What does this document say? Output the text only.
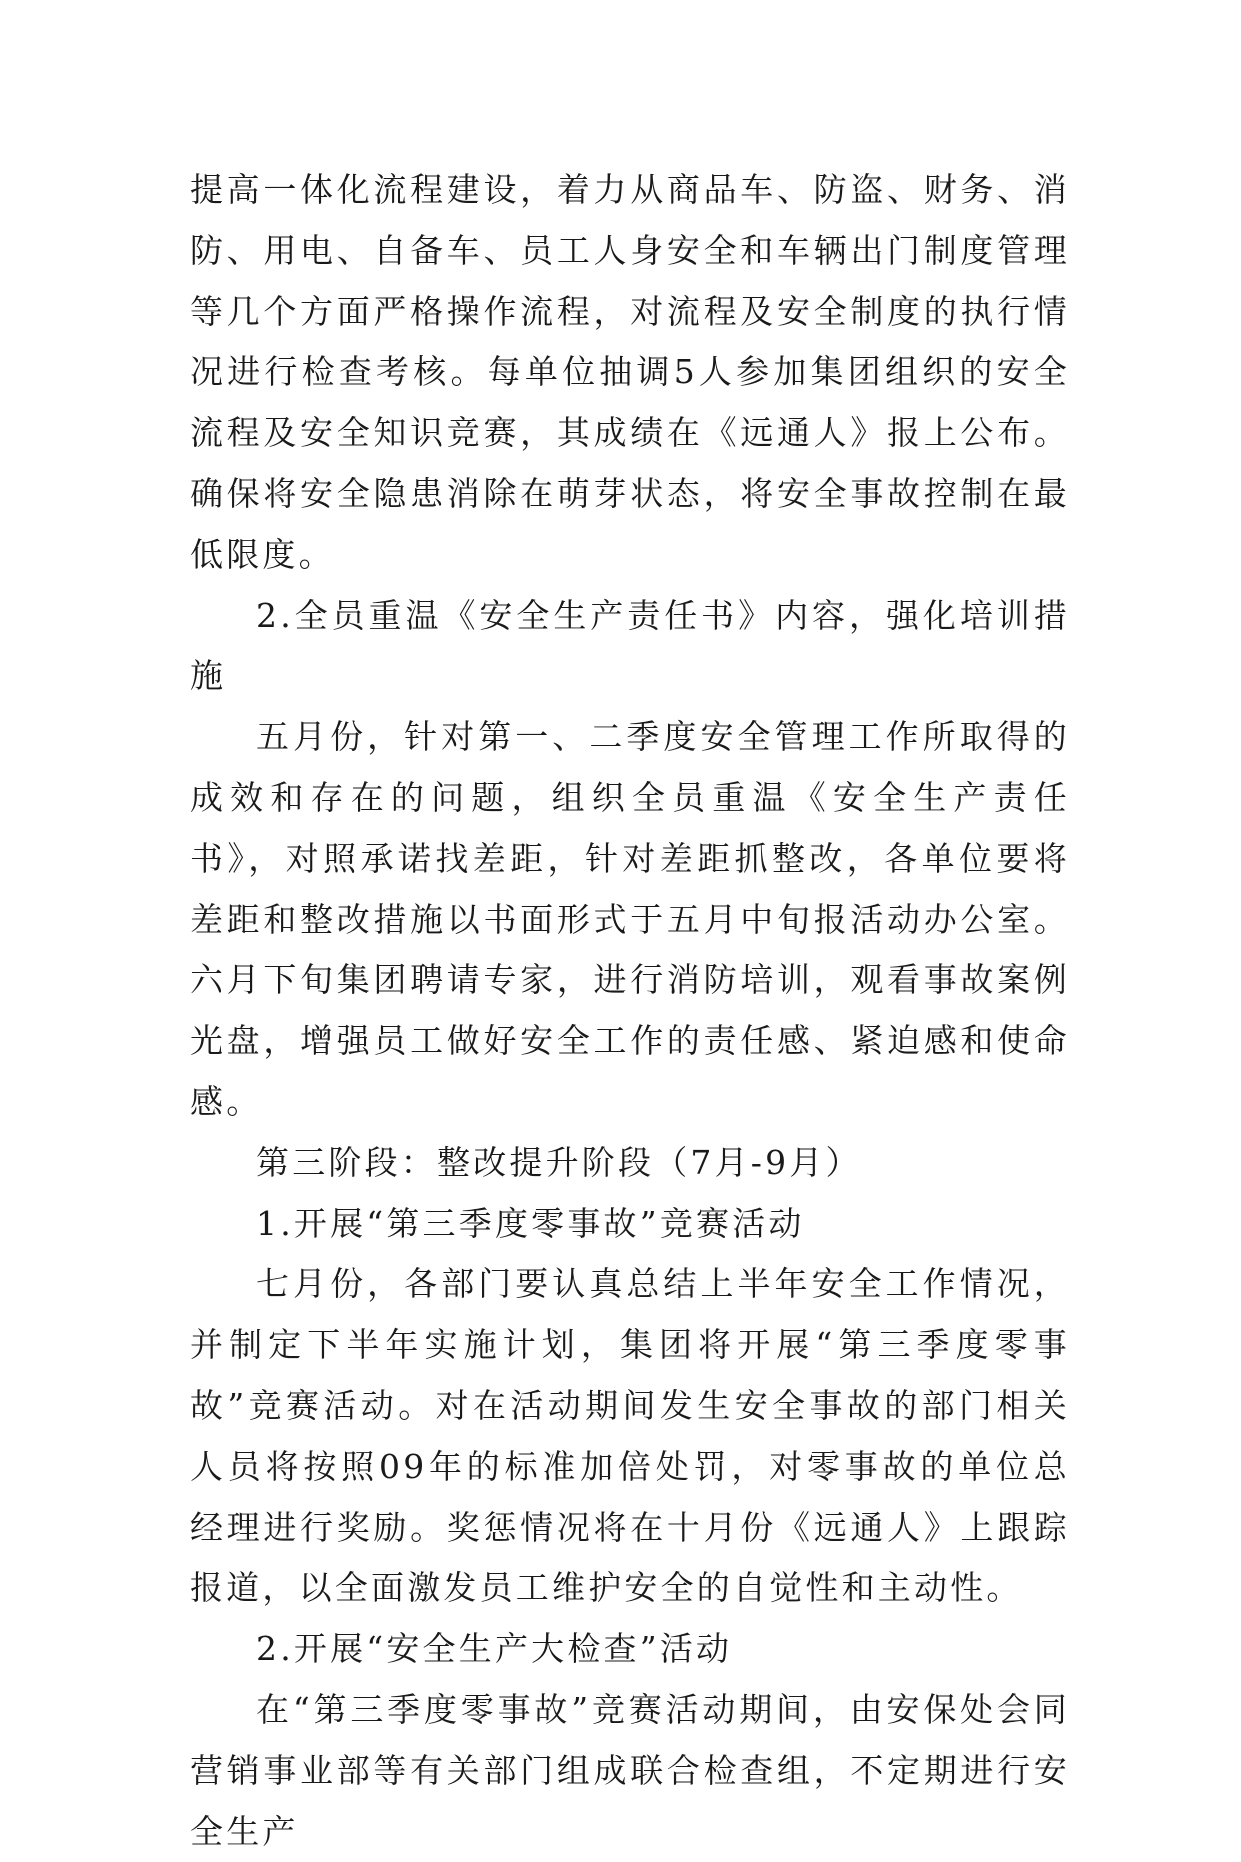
提高一体化流程建设，着力从商品车、防盗、财务、消防、用电、自备车、员工人身安全和车辆出门制度管理等几个方面严格操作流程，对流程及安全制度的执行情况进行检查考核。每单位抽调5人参加集团组织的安全流程及安全知识竞赛，其成绩在《远通人》报上公布。确保将安全隐患消除在萌芽状态，将安全事故控制在最低限度。

2.全员重温《安全生产责任书》内容，强化培训措施

五月份，针对第一、二季度安全管理工作所取得的成效和存在的问题，组织全员重温《安全生产责任书》，对照承诺找差距，针对差距抓整改，各单位要将差距和整改措施以书面形式于五月中旬报活动办公室。六月下旬集团聘请专家，进行消防培训，观看事故案例光盘，增强员工做好安全工作的责任感、紧迫感和使命感。

第三阶段：整改提升阶段（7月-9月）

1.开展“第三季度零事故”竞赛活动

七月份，各部门要认真总结上半年安全工作情况，并制定下半年实施计划，集团将开展“第三季度零事故”竞赛活动。对在活动期间发生安全事故的部门相关人员将按照09年的标准加倍处罚，对零事故的单位总经理进行奖励。奖惩情况将在十月份《远通人》上跟踪报道，以全面激发员工维护安全的自觉性和主动性。

2.开展“安全生产大检查”活动

在“第三季度零事故”竞赛活动期间，由安保处会同营销事业部等有关部门组成联合检查组，不定期进行安全生产
